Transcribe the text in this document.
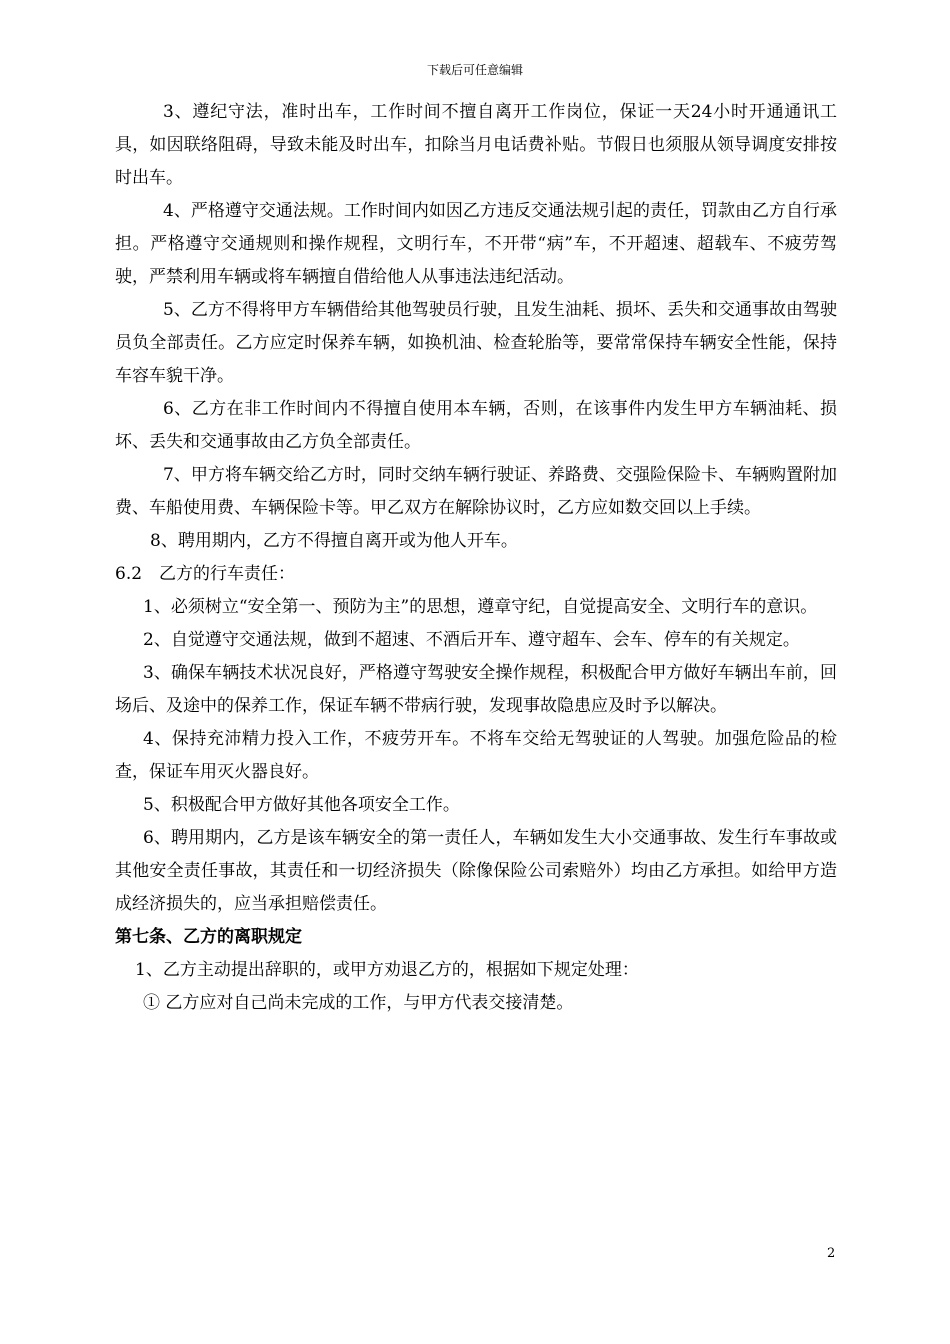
下载后可任意编辑

3、遵纪守法，准时出车，工作时间不擅自离开工作岗位，保证一天24小时开通通讯工具，如因联络阻碍，导致未能及时出车，扣除当月电话费补贴。节假日也须服从领导调度安排按时出车。

4、严格遵守交通法规。工作时间内如因乙方违反交通法规引起的责任，罚款由乙方自行承担。严格遵守交通规则和操作规程，文明行车，不开带“病”车，不开超速、超载车、不疲劳驾驶，严禁利用车辆或将车辆擅自借给他人从事违法违纪活动。

5、乙方不得将甲方车辆借给其他驾驶员行驶，且发生油耗、损坏、丢失和交通事故由驾驶员负全部责任。乙方应定时保养车辆，如换机油、检查轮胎等，要常常保持车辆安全性能，保持车容车貌干净。

6、乙方在非工作时间内不得擅自使用本车辆，否则，在该事件内发生甲方车辆油耗、损坏、丢失和交通事故由乙方负全部责任。

7、甲方将车辆交给乙方时，同时交纳车辆行驶证、养路费、交强险保险卡、车辆购置附加费、车船使用费、车辆保险卡等。甲乙双方在解除协议时，乙方应如数交回以上手续。

8、聘用期内，乙方不得擅自离开或为他人开车。

6.2　乙方的行车责任：

1、必须树立“安全第一、预防为主”的思想，遵章守纪，自觉提高安全、文明行车的意识。

2、自觉遵守交通法规，做到不超速、不酒后开车、遵守超车、会车、停车的有关规定。

3、确保车辆技术状况良好，严格遵守驾驶安全操作规程，积极配合甲方做好车辆出车前，回场后、及途中的保养工作，保证车辆不带病行驶，发现事故隐患应及时予以解决。

4、保持充沛精力投入工作，不疲劳开车。不将车交给无驾驶证的人驾驶。加强危险品的检查，保证车用灭火器良好。

5、积极配合甲方做好其他各项安全工作。

6、聘用期内，乙方是该车辆安全的第一责任人，车辆如发生大小交通事故、发生行车事故或其他安全责任事故，其责任和一切经济损失（除像保险公司索赔外）均由乙方承担。如给甲方造成经济损失的，应当承担赔偿责任。

第七条、乙方的离职规定

1、乙方主动提出辞职的，或甲方劝退乙方的，根据如下规定处理：

① 乙方应对自己尚未完成的工作，与甲方代表交接清楚。

2
